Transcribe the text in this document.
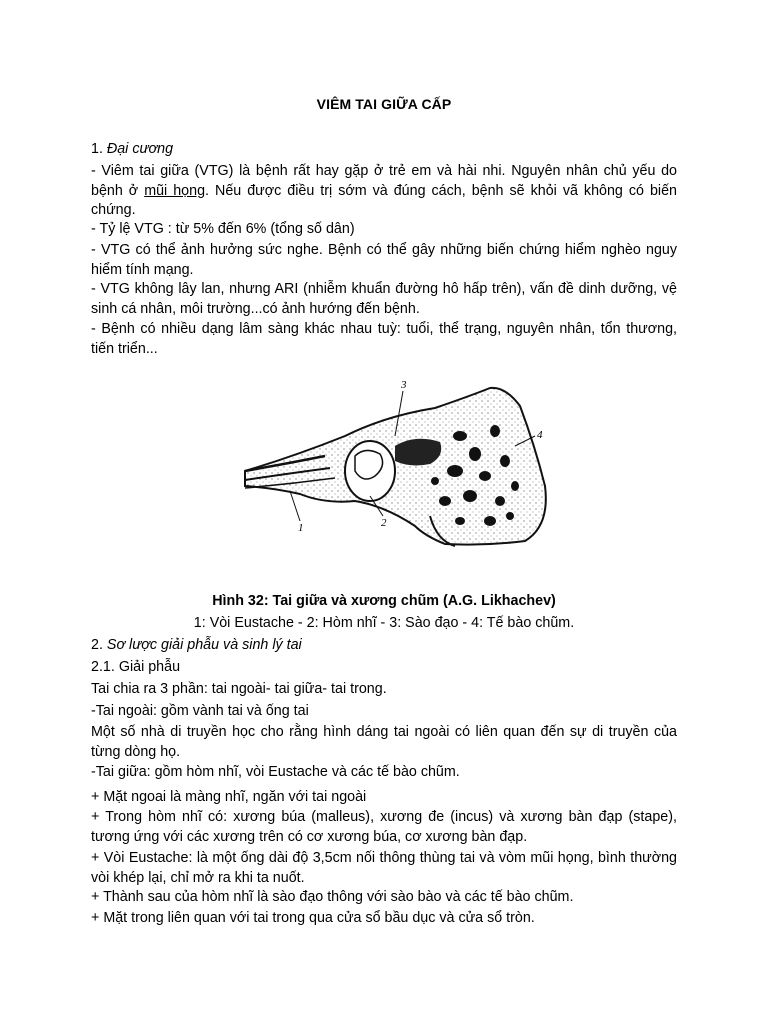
VIÊM TAI GIỮA CẤP
1. Đại cương
- Viêm tai giữa (VTG) là bệnh rất hay gặp ở trẻ em và hài nhi. Nguyên nhân chủ yếu do bệnh ở mũi họng. Nếu được điều trị sớm và đúng cách, bệnh sẽ khỏi vã không có biến chứng.
- Tỷ lệ VTG : từ 5% đến 6% (tổng số dân)
- VTG có thể ảnh hưởng sức nghe. Bệnh có thể gây những biến chứng hiểm nghèo nguy hiểm tính mạng.
- VTG không lây lan, nhưng ARI (nhiễm khuẩn đường hô hấp trên), vấn đề dinh dưỡng, vệ sinh cá nhân, môi trường...có ảnh hướng đến bệnh.
- Bệnh có nhiều dạng lâm sàng khác nhau tuỳ: tuổi, thể trạng, nguyên nhân, tổn thương, tiến triển...
2. Sơ lược giải phẫu và sinh lý tai
2.1. Giải phẫu
Tai chia ra 3 phần: tai ngoài- tai giữa- tai trong.
-Tai ngoài: gồm vành tai và ống tai
Một số nhà di truyền học cho rằng hình dáng tai ngoài có liên quan đến sự di truyền của từng dòng họ.
-Tai giữa: gồm hòm nhĩ, vòi Eustache và các tế bào chũm.
+ Mặt ngoai là màng nhĩ, ngăn với tai ngoài
+ Trong hòm nhĩ có: xương búa (malleus), xương đe (incus) và xương bàn đạp (stape), tương ứng với các xương trên có cơ xương búa, cơ xương bàn đạp.
+ Vòi Eustache: là một ống dài độ 3,5cm nối thông thùng tai và vòm mũi họng, bình thường vòi khép lại, chỉ mở ra khi ta nuốt.
+ Thành sau của hòm nhĩ là sào đạo thông với sào bào và các tế bào chũm.
+ Mặt trong liên quan với tai trong qua cửa sổ bầu dục và cửa sổ tròn.
Hình 32: Tai giữa và xương chũm (A.G. Likhachev)
1: Vòi Eustache - 2: Hòm nhĩ - 3: Sào đạo - 4: Tế bào chũm.
3
4
2
1
